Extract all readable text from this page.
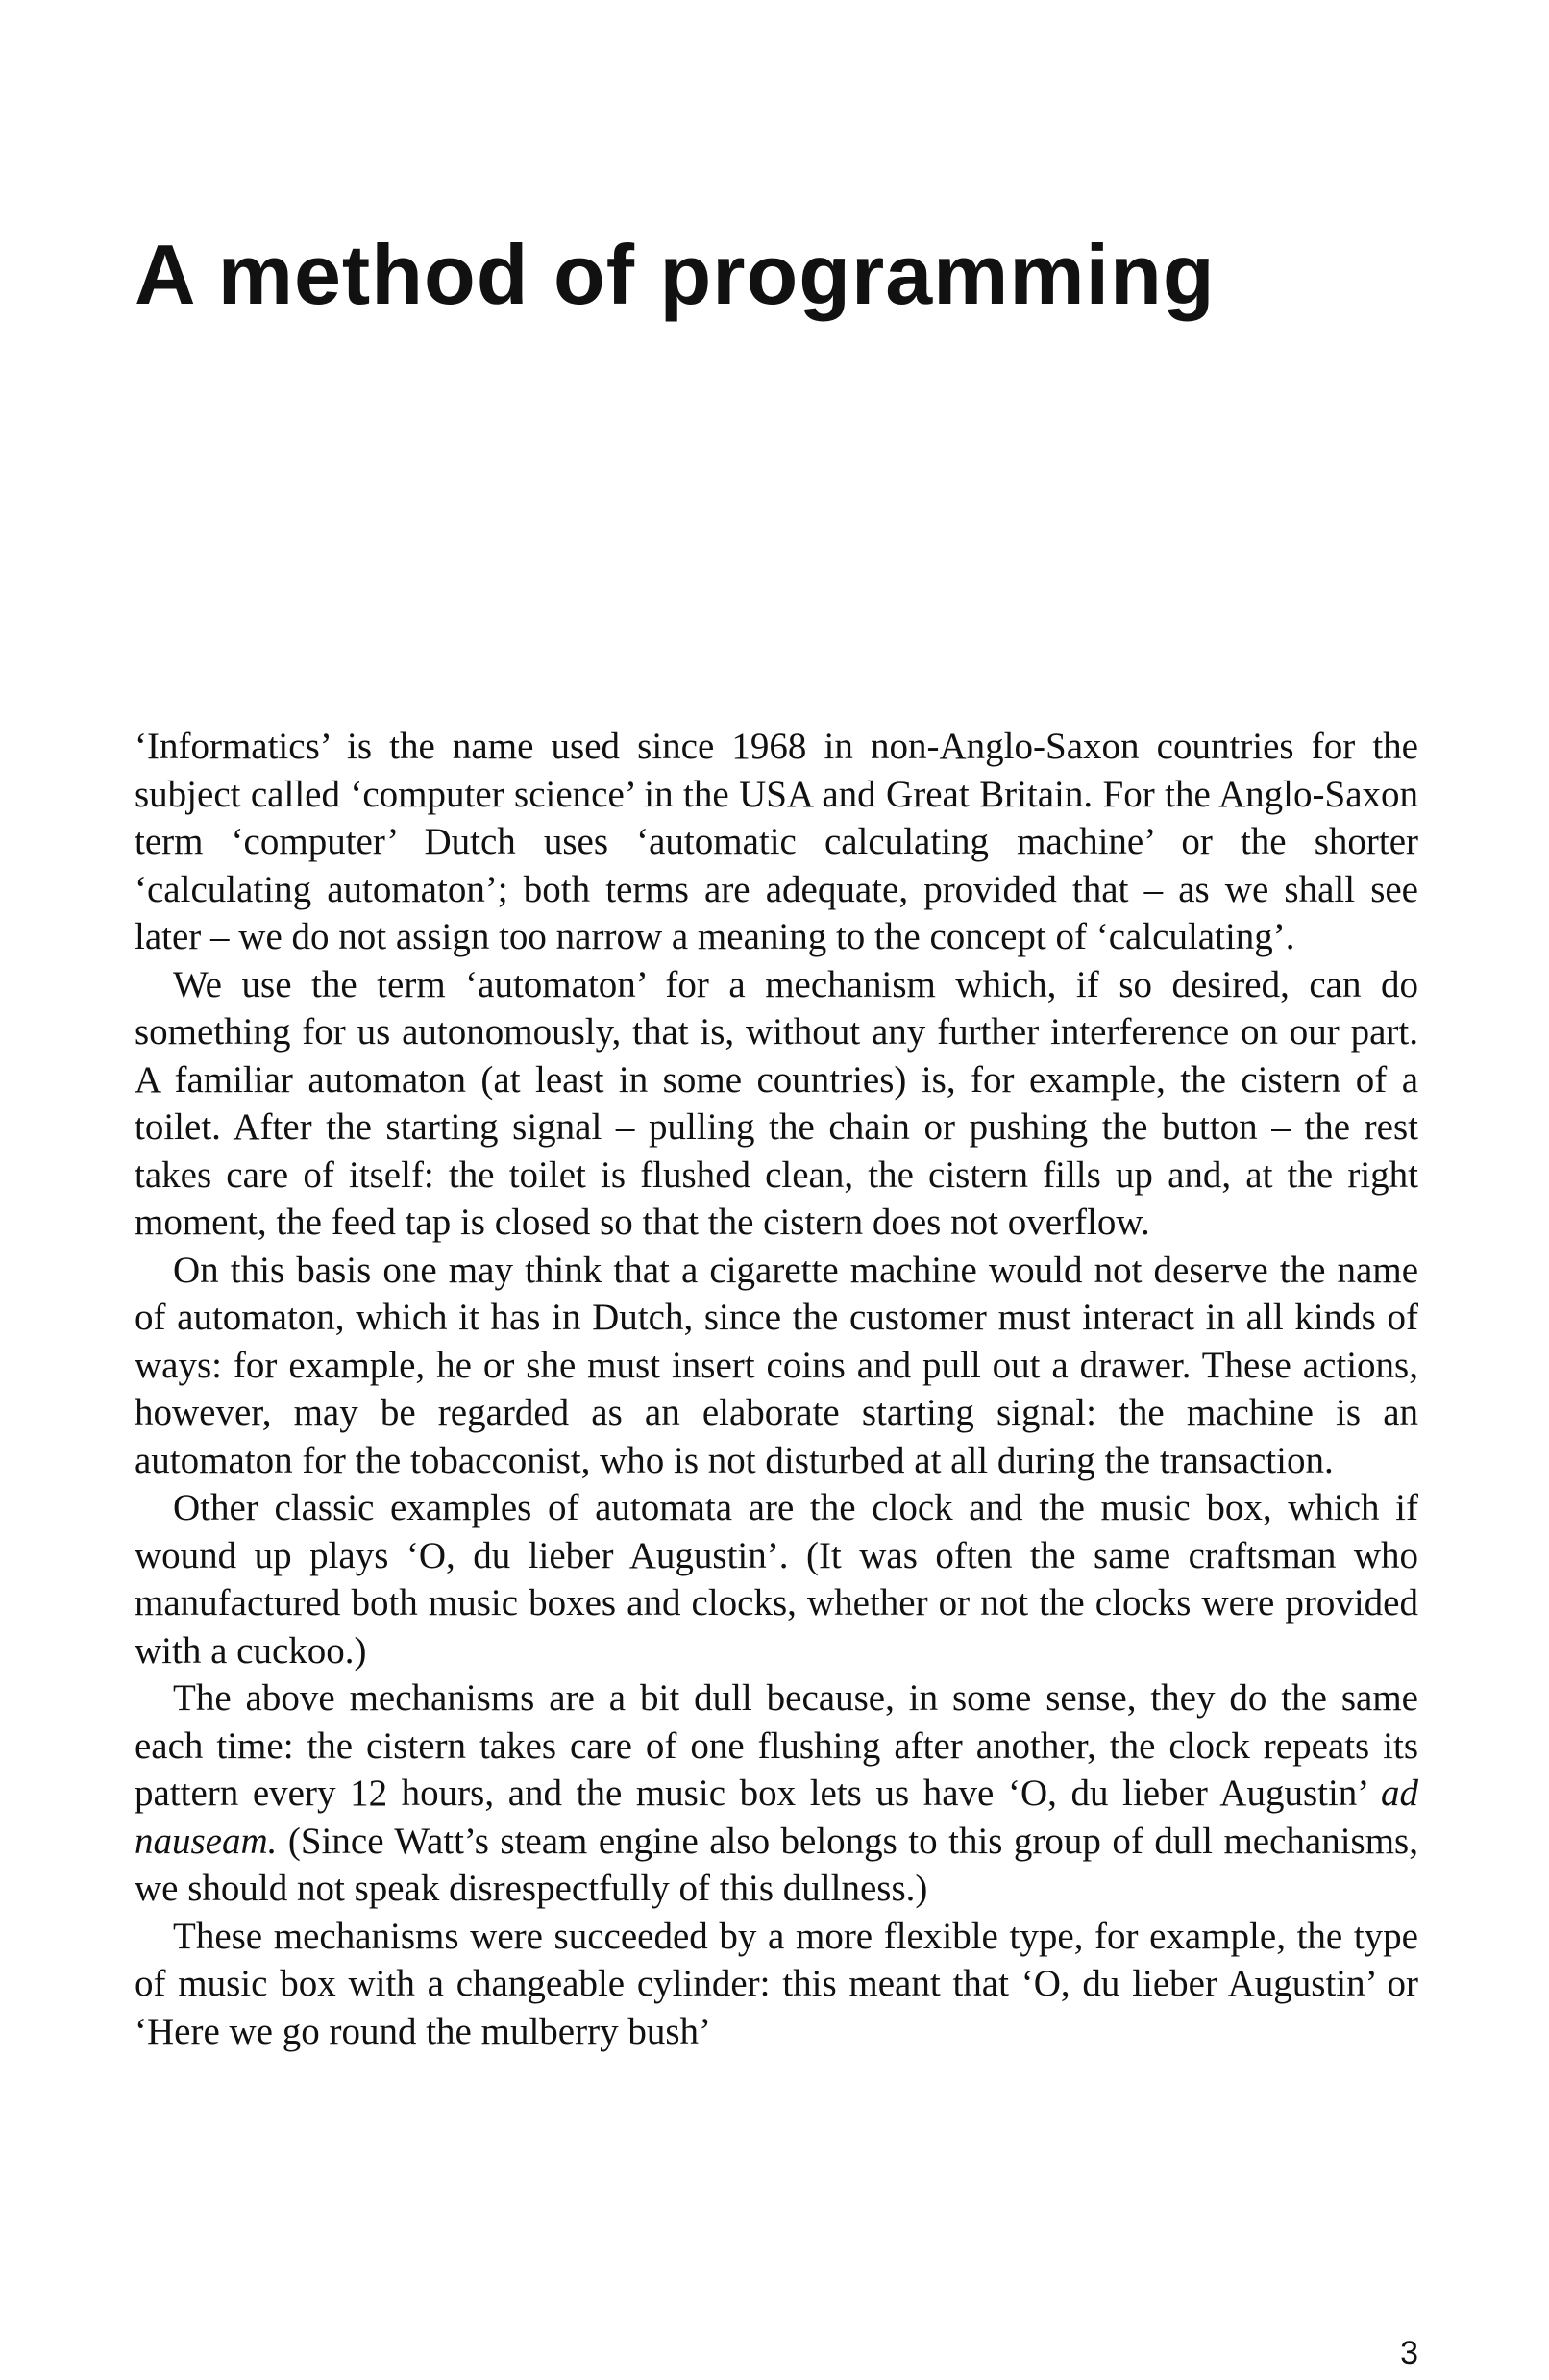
A method of programming

‘Informatics’ is the name used since 1968 in non-Anglo-Saxon countries for the subject called ‘computer science’ in the USA and Great Britain. For the Anglo-Saxon term ‘computer’ Dutch uses ‘automatic calculating machine’ or the shorter ‘calculating automaton’; both terms are adequate, provided that – as we shall see later – we do not assign too narrow a meaning to the concept of ‘calculating’.

We use the term ‘automaton’ for a mechanism which, if so desired, can do something for us autonomously, that is, without any further interference on our part. A familiar automaton (at least in some countries) is, for example, the cistern of a toilet. After the starting signal – pulling the chain or pushing the button – the rest takes care of itself: the toilet is flushed clean, the cistern fills up and, at the right moment, the feed tap is closed so that the cistern does not overflow.

On this basis one may think that a cigarette machine would not deserve the name of automaton, which it has in Dutch, since the customer must interact in all kinds of ways: for example, he or she must insert coins and pull out a drawer. These actions, however, may be regarded as an elaborate starting signal: the machine is an automaton for the tobacconist, who is not disturbed at all during the transaction.

Other classic examples of automata are the clock and the music box, which if wound up plays ‘O, du lieber Augustin’. (It was often the same craftsman who manufactured both music boxes and clocks, whether or not the clocks were provided with a cuckoo.)

The above mechanisms are a bit dull because, in some sense, they do the same each time: the cistern takes care of one flushing after another, the clock repeats its pattern every 12 hours, and the music box lets us have ‘O, du lieber Augustin’ ad nauseam. (Since Watt’s steam engine also belongs to this group of dull mechanisms, we should not speak disrespectfully of this dullness.)

These mechanisms were succeeded by a more flexible type, for example, the type of music box with a changeable cylinder: this meant that ‘O, du lieber Augustin’ or ‘Here we go round the mulberry bush’

3
